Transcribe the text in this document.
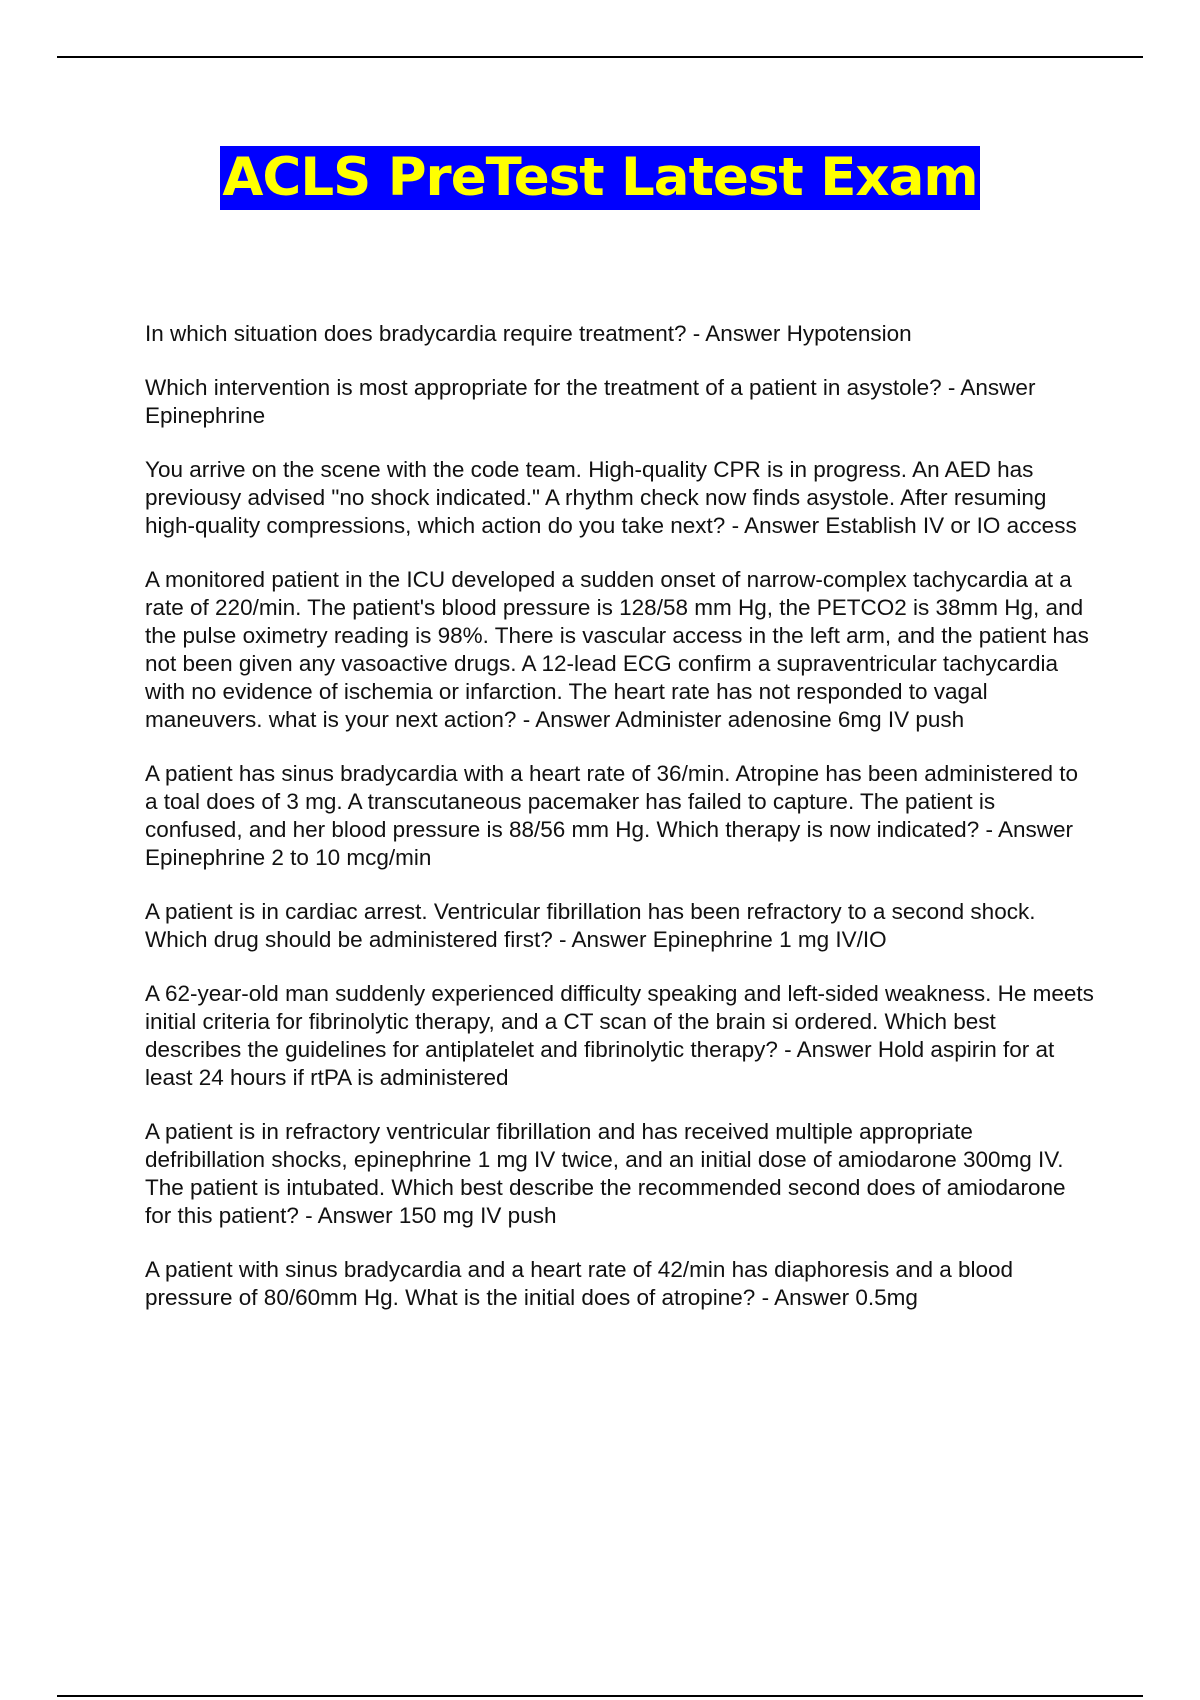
ACLS PreTest Latest Exam

In which situation does bradycardia require treatment? - Answer Hypotension

Which intervention is most appropriate for the treatment of a patient in asystole? - Answer Epinephrine

You arrive on the scene with the code team. High-quality CPR is in progress. An AED has previousy advised "no shock indicated." A rhythm check now finds asystole. After resuming high-quality compressions, which action do you take next? - Answer Establish IV or IO access

A monitored patient in the ICU developed a sudden onset of narrow-complex tachycardia at a rate of 220/min. The patient's blood pressure is 128/58 mm Hg, the PETCO2 is 38mm Hg, and the pulse oximetry reading is 98%. There is vascular access in the left arm, and the patient has not been given any vasoactive drugs. A 12-lead ECG confirm a supraventricular tachycardia with no evidence of ischemia or infarction. The heart rate has not responded to vagal maneuvers. what is your next action? - Answer Administer adenosine 6mg IV push

A patient has sinus bradycardia with a heart rate of 36/min. Atropine has been administered to a toal does of 3 mg. A transcutaneous pacemaker has failed to capture. The patient is confused, and her blood pressure is 88/56 mm Hg. Which therapy is now indicated? - Answer Epinephrine 2 to 10 mcg/min

A patient is in cardiac arrest. Ventricular fibrillation has been refractory to a second shock. Which drug should be administered first? - Answer Epinephrine 1 mg IV/IO

A 62-year-old man suddenly experienced difficulty speaking and left-sided weakness. He meets initial criteria for fibrinolytic therapy, and a CT scan of the brain si ordered. Which best describes the guidelines for antiplatelet and fibrinolytic therapy? - Answer Hold aspirin for at least 24 hours if rtPA is administered

A patient is in refractory ventricular fibrillation and has received multiple appropriate defribillation shocks, epinephrine 1 mg IV twice, and an initial dose of amiodarone 300mg IV. The patient is intubated. Which best describe the recommended second does of amiodarone for this patient? - Answer 150 mg IV push

A patient with sinus bradycardia and a heart rate of 42/min has diaphoresis and a blood pressure of 80/60mm Hg. What is the initial does of atropine? - Answer 0.5mg
